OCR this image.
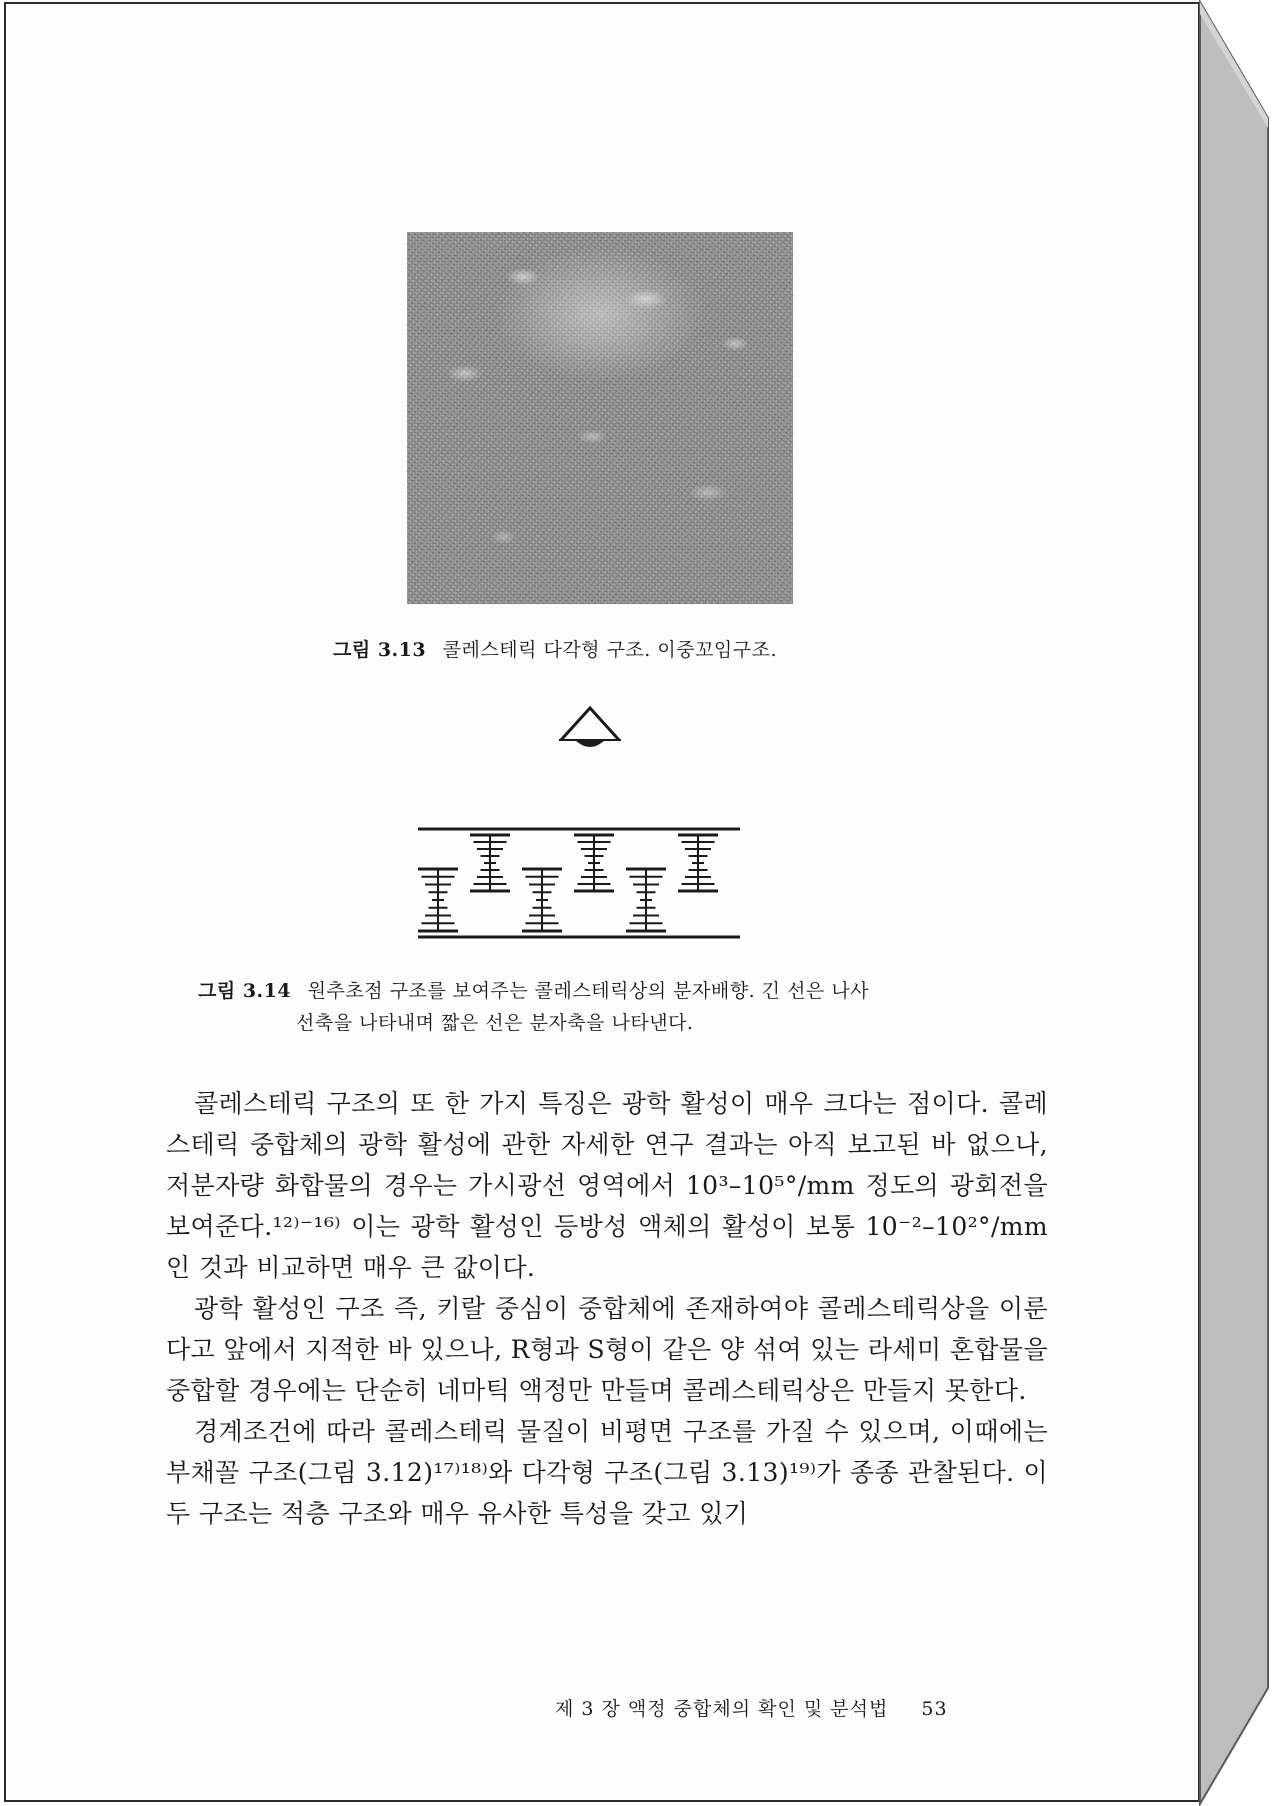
그림 3.13 콜레스테릭 다각형 구조. 이중꼬임구조.
그림 3.14 원추초점 구조를 보여주는 콜레스테릭상의 분자배향. 긴 선은 나사
선축을 나타내며 짧은 선은 분자축을 나타낸다.

콜레스테릭 구조의 또 한 가지 특징은 광학 활성이 매우 크다는 점이다. 콜레스테릭 중합체의 광학 활성에 관한 자세한 연구 결과는 아직 보고된 바 없으나, 저분자량 화합물의 경우는 가시광선 영역에서 10³–10⁵°/mm 정도의 광회전을 보여준다.¹²⁾⁻¹⁶⁾ 이는 광학 활성인 등방성 액체의 활성이 보통 10⁻²–10²°/mm인 것과 비교하면 매우 큰 값이다.

광학 활성인 구조 즉, 키랄 중심이 중합체에 존재하여야 콜레스테릭상을 이룬다고 앞에서 지적한 바 있으나, R형과 S형이 같은 양 섞여 있는 라세미 혼합물을 중합할 경우에는 단순히 네마틱 액정만 만들며 콜레스테릭상은 만들지 못한다.

경계조건에 따라 콜레스테릭 물질이 비평면 구조를 가질 수 있으며, 이때에는 부채꼴 구조(그림 3.12)¹⁷⁾¹⁸⁾와 다각형 구조(그림 3.13)¹⁹⁾가 종종 관찰된다. 이 두 구조는 적층 구조와 매우 유사한 특성을 갖고 있기

제 3 장 액정 중합체의 확인 및 분석법 53
